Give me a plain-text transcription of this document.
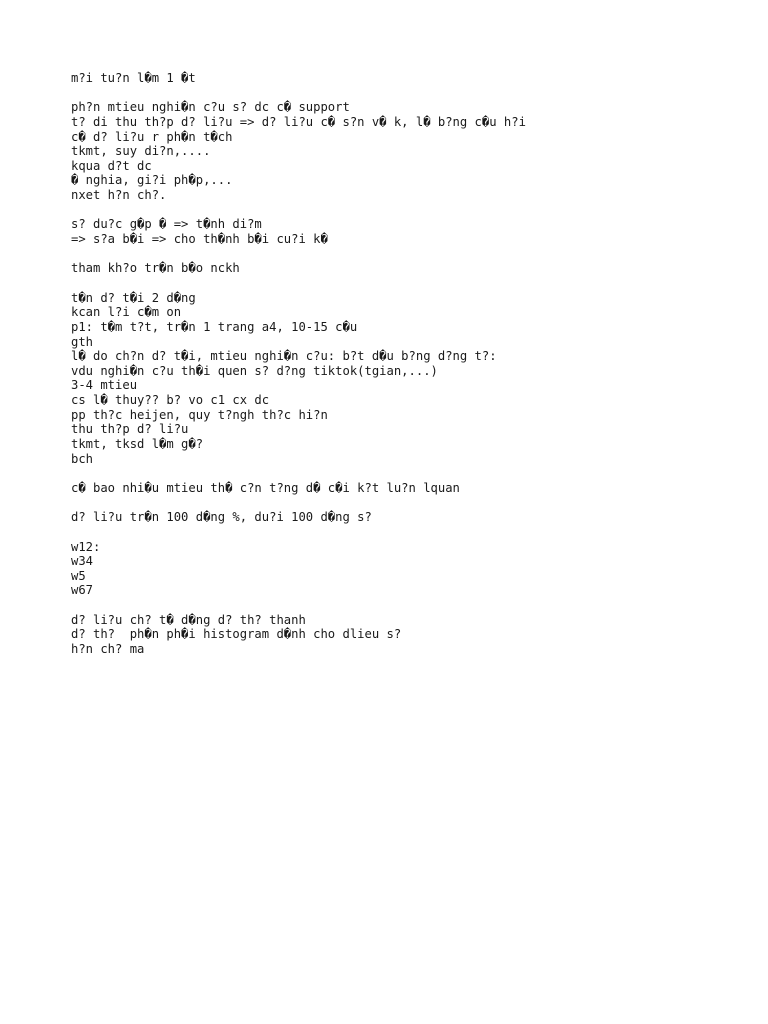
m?i tu?n l�m 1 �t
ph?n mtieu nghi�n c?u s? dc c� support
t? di thu th?p d? li?u => d? li?u c� s?n v� k, l� b?ng c�u h?i
c� d? li?u r ph�n t�ch
tkmt, suy di?n,....
kqua d?t dc
� nghia, gi?i ph�p,...
nxet h?n ch?.
s? du?c g�p � => t�nh di?m
=> s?a b�i => cho th�nh b�i cu?i k�
tham kh?o tr�n b�o nckh
t�n d? t�i 2 d�ng
kcan l?i c�m on
p1: t�m t?t, tr�n 1 trang a4, 10-15 c�u
gth
l� do ch?n d? t�i, mtieu nghi�n c?u: b?t d�u b?ng d?ng t?:
vdu nghi�n c?u th�i quen s? d?ng tiktok(tgian,...)
3-4 mtieu
cs l� thuy?? b? vo c1 cx dc
pp th?c heijen, quy t?ngh th?c hi?n
thu th?p d? li?u
tkmt, tksd l�m g�?
bch
c� bao nhi�u mtieu th� c?n t?ng d� c�i k?t lu?n lquan
d? li?u tr�n 100 d�ng %, du?i 100 d�ng s?
w12:
w34
w5
w67
d? li?u ch? t� d�ng d? th? thanh
d? th?  ph�n ph�i histogram d�nh cho dlieu s?
h?n ch? ma
